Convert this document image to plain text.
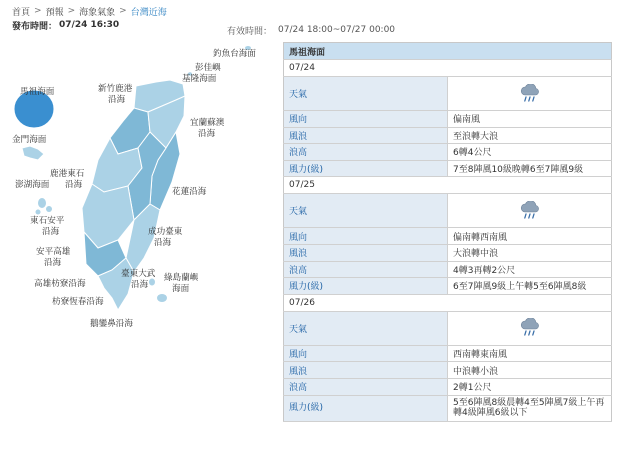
首頁 > 預報 > 海象氣象 > 台灣近海
發布時間： 07/24 16:30
有效時間： 07/24 18:00~07/27 00:00
釣魚台海面
彭佳嶼
基隆海面
馬祖海面	新竹鹿港
沿海
宜蘭蘇澳
沿海
金門海面
鹿港東石
澎湖海面 沿海
花蓮沿海
東石安平
沿海	成功臺東
沿海
安平高雄
沿海
臺東大武
沿海
綠島蘭嶼
海面
高雄枋寮沿海
枋寮恆春沿海
鵝鑾鼻沿海
馬祖海面	
07/24	
天氣	
風向	偏南風
風浪	至浪轉大浪
浪高	6轉4公尺
風力(級)	7至8陣風10級晚轉6至7陣風9級
07/25	
天氣	
風向	偏南轉西南風
風浪	大浪轉中浪
浪高	4轉3再轉2公尺
風力(級)	6至7陣風9級上午轉5至6陣風8級
07/26	
天氣	
風向	西南轉東南風
風浪	中浪轉小浪
浪高	2轉1公尺
風力(級)	5至6陣風8級晨轉4至5陣風7級上午再轉4級陣風6級以下
